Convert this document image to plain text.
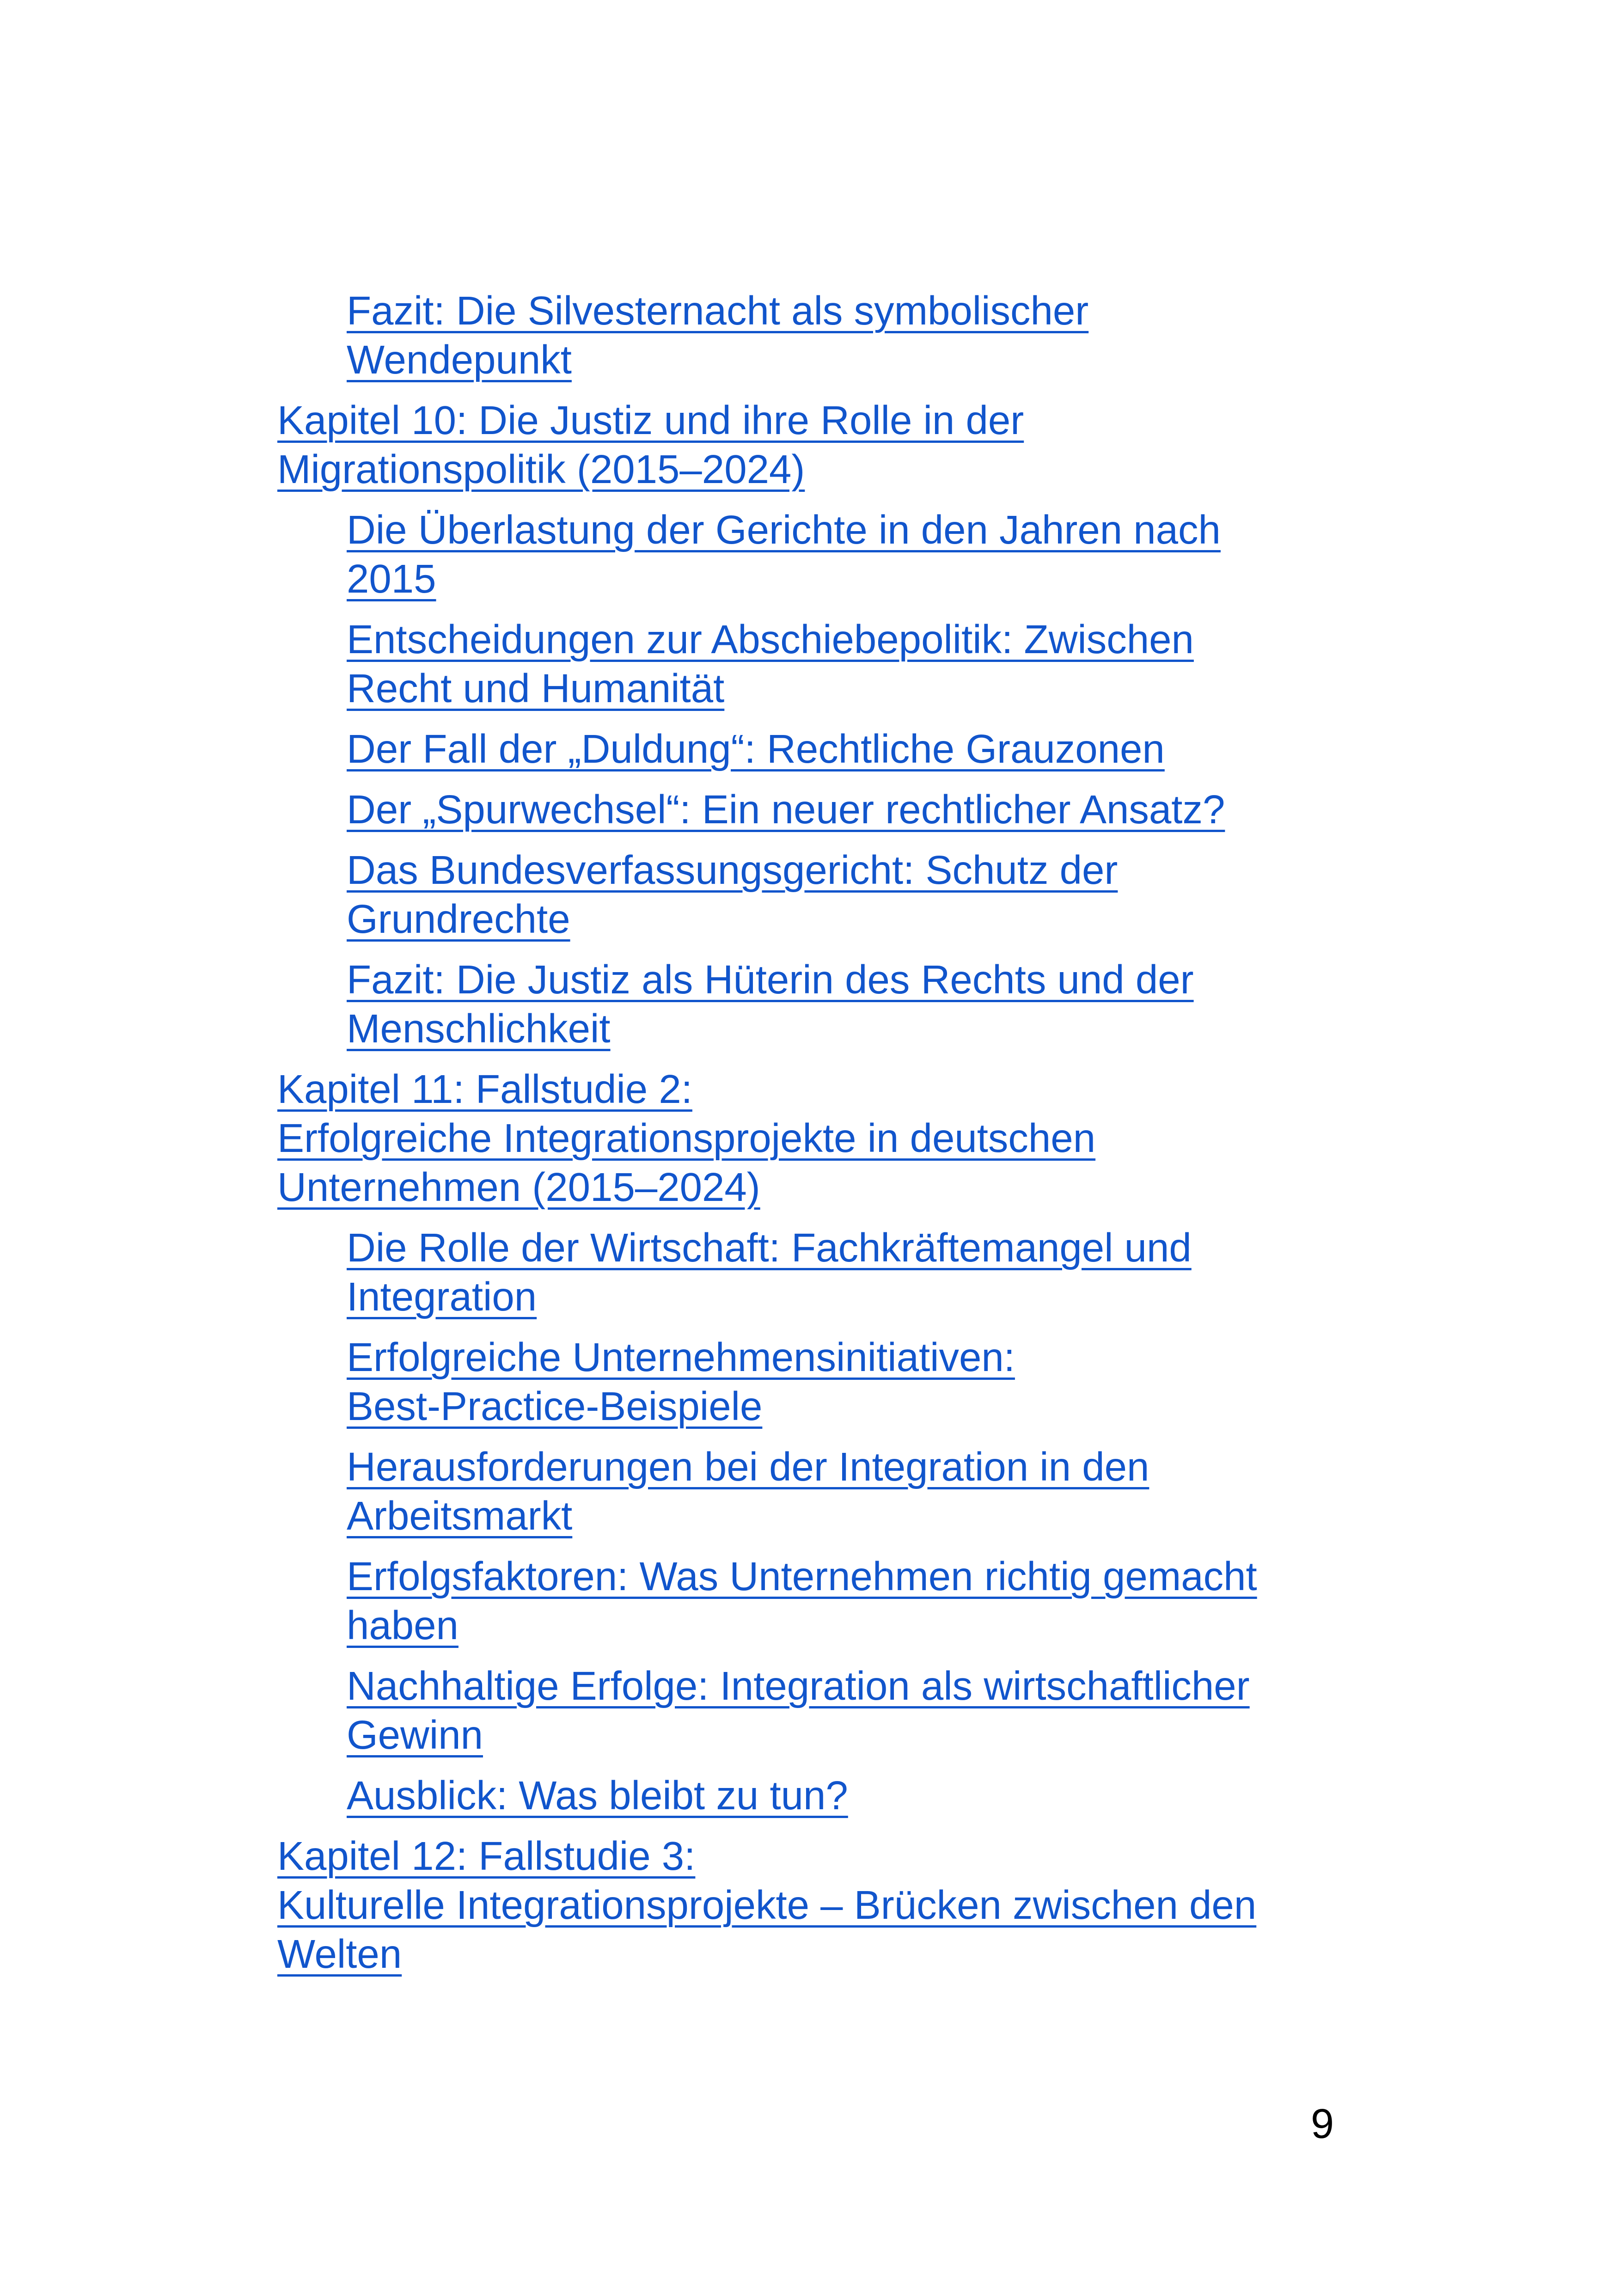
Fazit: Die Silvesternacht als symbolischer
Wendepunkt
Kapitel 10: Die Justiz und ihre Rolle in der
Migrationspolitik (2015–2024)
Die Überlastung der Gerichte in den Jahren nach
2015
Entscheidungen zur Abschiebepolitik: Zwischen
Recht und Humanität
Der Fall der „Duldung“: Rechtliche Grauzonen
Der „Spurwechsel“: Ein neuer rechtlicher Ansatz?
Das Bundesverfassungsgericht: Schutz der
Grundrechte
Fazit: Die Justiz als Hüterin des Rechts und der
Menschlichkeit
Kapitel 11: Fallstudie 2:
Erfolgreiche Integrationsprojekte in deutschen
Unternehmen (2015–2024)
Die Rolle der Wirtschaft: Fachkräftemangel und
Integration
Erfolgreiche Unternehmensinitiativen:
Best-Practice-Beispiele
Herausforderungen bei der Integration in den
Arbeitsmarkt
Erfolgsfaktoren: Was Unternehmen richtig gemacht
haben
Nachhaltige Erfolge: Integration als wirtschaftlicher
Gewinn
Ausblick: Was bleibt zu tun?
Kapitel 12: Fallstudie 3:
Kulturelle Integrationsprojekte – Brücken zwischen den
Welten
9
